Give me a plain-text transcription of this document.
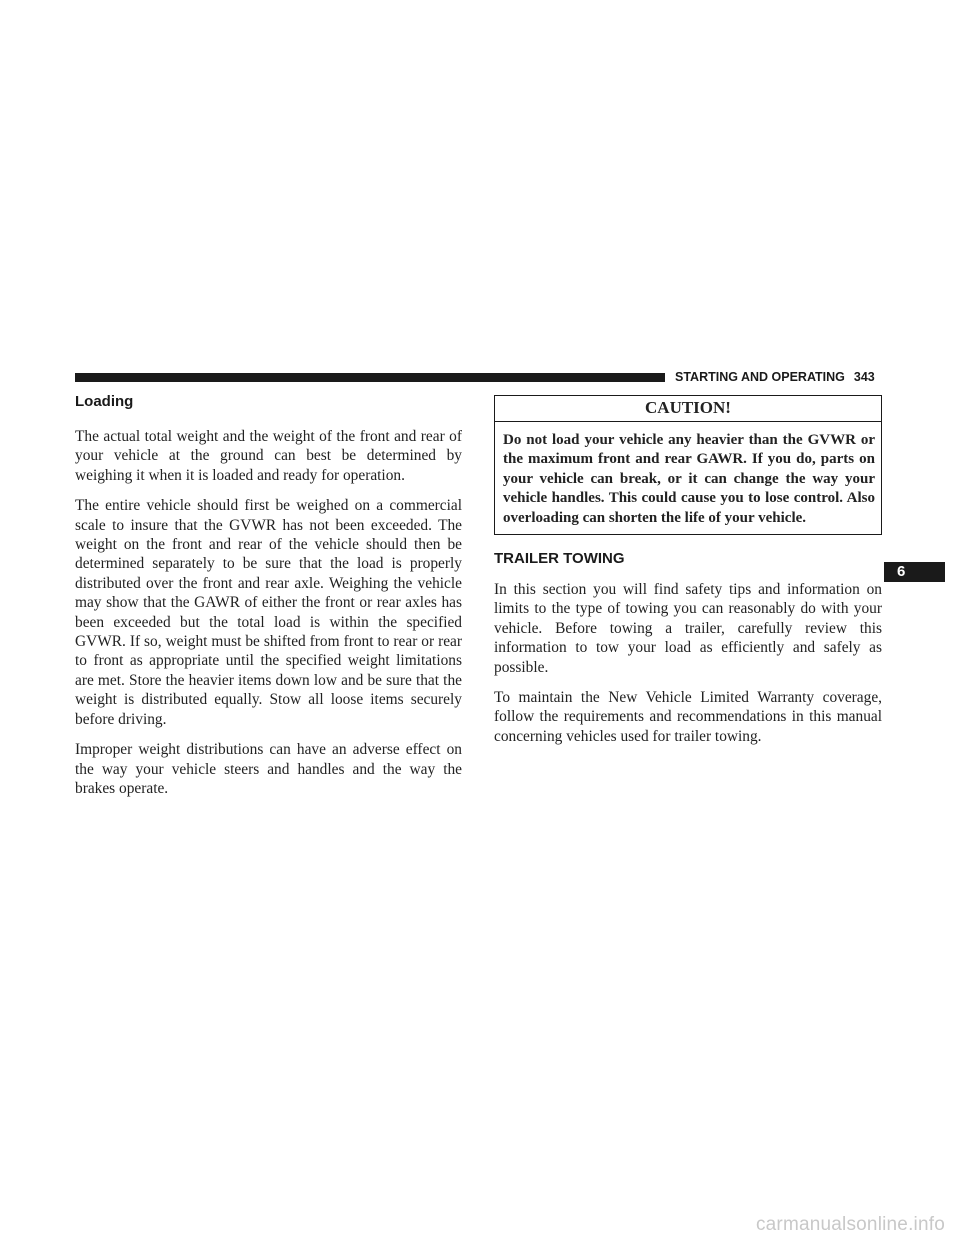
STARTING AND OPERATING 343
6
Loading

The actual total weight and the weight of the front and rear of your vehicle at the ground can best be determined by weighing it when it is loaded and ready for operation.

The entire vehicle should first be weighed on a commercial scale to insure that the GVWR has not been exceeded. The weight on the front and rear of the vehicle should then be determined separately to be sure that the load is properly distributed over the front and rear axle. Weighing the vehicle may show that the GAWR of either the front or rear axles has been exceeded but the total load is within the specified GVWR. If so, weight must be shifted from front to rear or rear to front as appropriate until the specified weight limitations are met. Store the heavier items down low and be sure that the weight is distributed equally. Stow all loose items securely before driving.

Improper weight distributions can have an adverse effect on the way your vehicle steers and handles and the way the brakes operate.

CAUTION!
Do not load your vehicle any heavier than the GVWR or the maximum front and rear GAWR. If you do, parts on your vehicle can break, or it can change the way your vehicle handles. This could cause you to lose control. Also overloading can shorten the life of your vehicle.
TRAILER TOWING

In this section you will find safety tips and information on limits to the type of towing you can reasonably do with your vehicle. Before towing a trailer, carefully review this information to tow your load as efficiently and safely as possible.

To maintain the New Vehicle Limited Warranty coverage, follow the requirements and recommendations in this manual concerning vehicles used for trailer towing.

carmanualsonline.info
